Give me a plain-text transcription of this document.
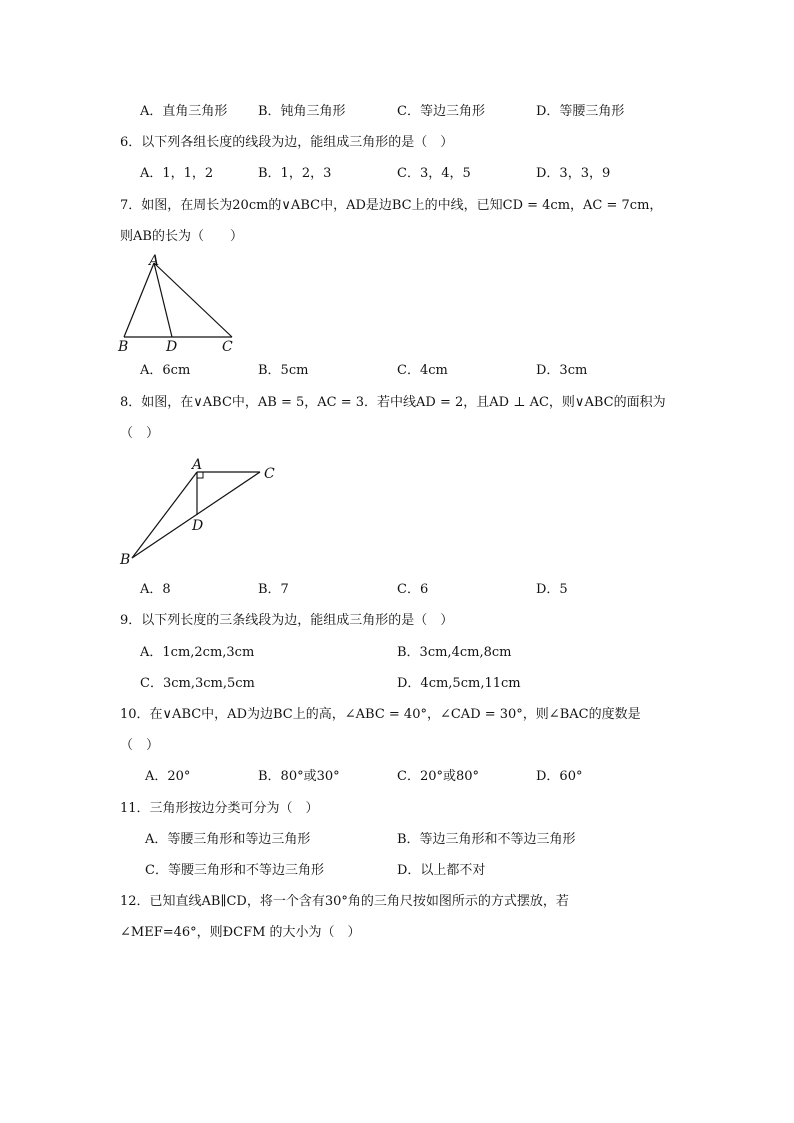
A．直角三角形 B．钝角三角形	C．等边三角形	D．等腰三角形
6．以下列各组长度的线段为边，能组成三角形的是（　）
A．1，1，2	B．1，2，3	C．3，4，5	D．3，3，9
7．如图，在周长为20cm的∨ABC中，AD是边BC上的中线，已知CD = 4cm，AC = 7cm，
则AB的长为（　　）
A
B	D	C
A．6cm	B．5cm	C．4cm	D．3cm
8．如图，在∨ABC中，AB = 5，AC = 3．若中线AD = 2，且AD ⊥ AC，则∨ABC的面积为
（　）
A
C
D
B
A．8	B．7	C．6	D．5
9．以下列长度的三条线段为边，能组成三角形的是（　）
A．1cm,2cm,3cm	B．3cm,4cm,8cm
C．3cm,3cm,5cm	D．4cm,5cm,11cm
10．在∨ABC中，AD为边BC上的高，∠ABC = 40°，∠CAD = 30°，则∠BAC的度数是
（　）
A．20°	B．80°或30°	C．20°或80°	D．60°
11．三角形按边分类可分为（　）
A．等腰三角形和等边三角形	B．等边三角形和不等边三角形
C．等腰三角形和不等边三角形	D．以上都不对
12．已知直线AB∥CD，将一个含有30°角的三角尺按如图所示的方式摆放，若
∠MEF=46°，则ÐCFM 的大小为（　）
